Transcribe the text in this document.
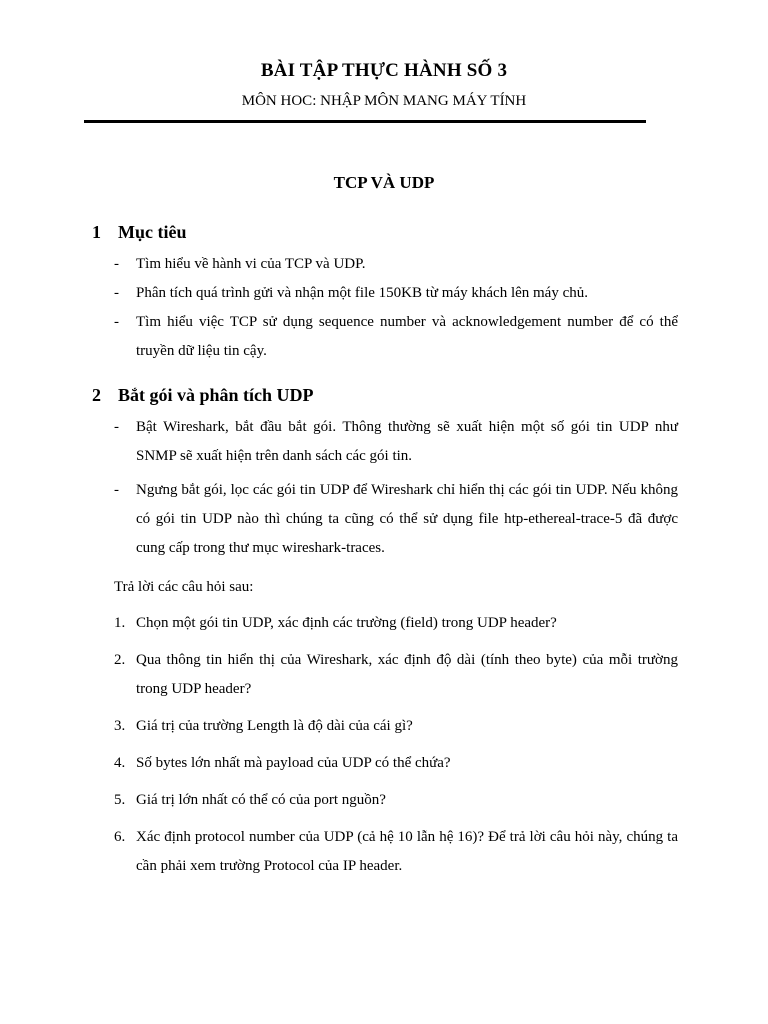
BÀI TẬP THỰC HÀNH SỐ 3
MÔN HOC: NHẬP MÔN MANG MÁY TÍNH
TCP VÀ UDP
1 Mục tiêu
- Tìm hiểu về hành vi của TCP và UDP.
- Phân tích quá trình gửi và nhận một file 150KB từ máy khách lên máy chủ.
- Tìm hiểu việc TCP sử dụng sequence number và acknowledgement number để có thể truyền dữ liệu tin cậy.
2 Bắt gói và phân tích UDP
- Bật Wireshark, bắt đầu bắt gói. Thông thường sẽ xuất hiện một số gói tin UDP như SNMP sẽ xuất hiện trên danh sách các gói tin.
- Ngưng bắt gói, lọc các gói tin UDP để Wireshark chỉ hiển thị các gói tin UDP. Nếu không có gói tin UDP nào thì chúng ta cũng có thể sử dụng file htp-ethereal-trace-5 đã được cung cấp trong thư mục wireshark-traces.
Trả lời các câu hỏi sau:
1. Chọn một gói tin UDP, xác định các trường (field) trong UDP header?
2. Qua thông tin hiển thị của Wireshark, xác định độ dài (tính theo byte) của mỗi trường trong UDP header?
3. Giá trị của trường Length là độ dài của cái gì?
4. Số bytes lớn nhất mà payload của UDP có thể chứa?
5. Giá trị lớn nhất có thể có của port nguồn?
6. Xác định protocol number của UDP (cả hệ 10 lẫn hệ 16)? Để trả lời câu hỏi này, chúng ta cần phải xem trường Protocol của IP header.
